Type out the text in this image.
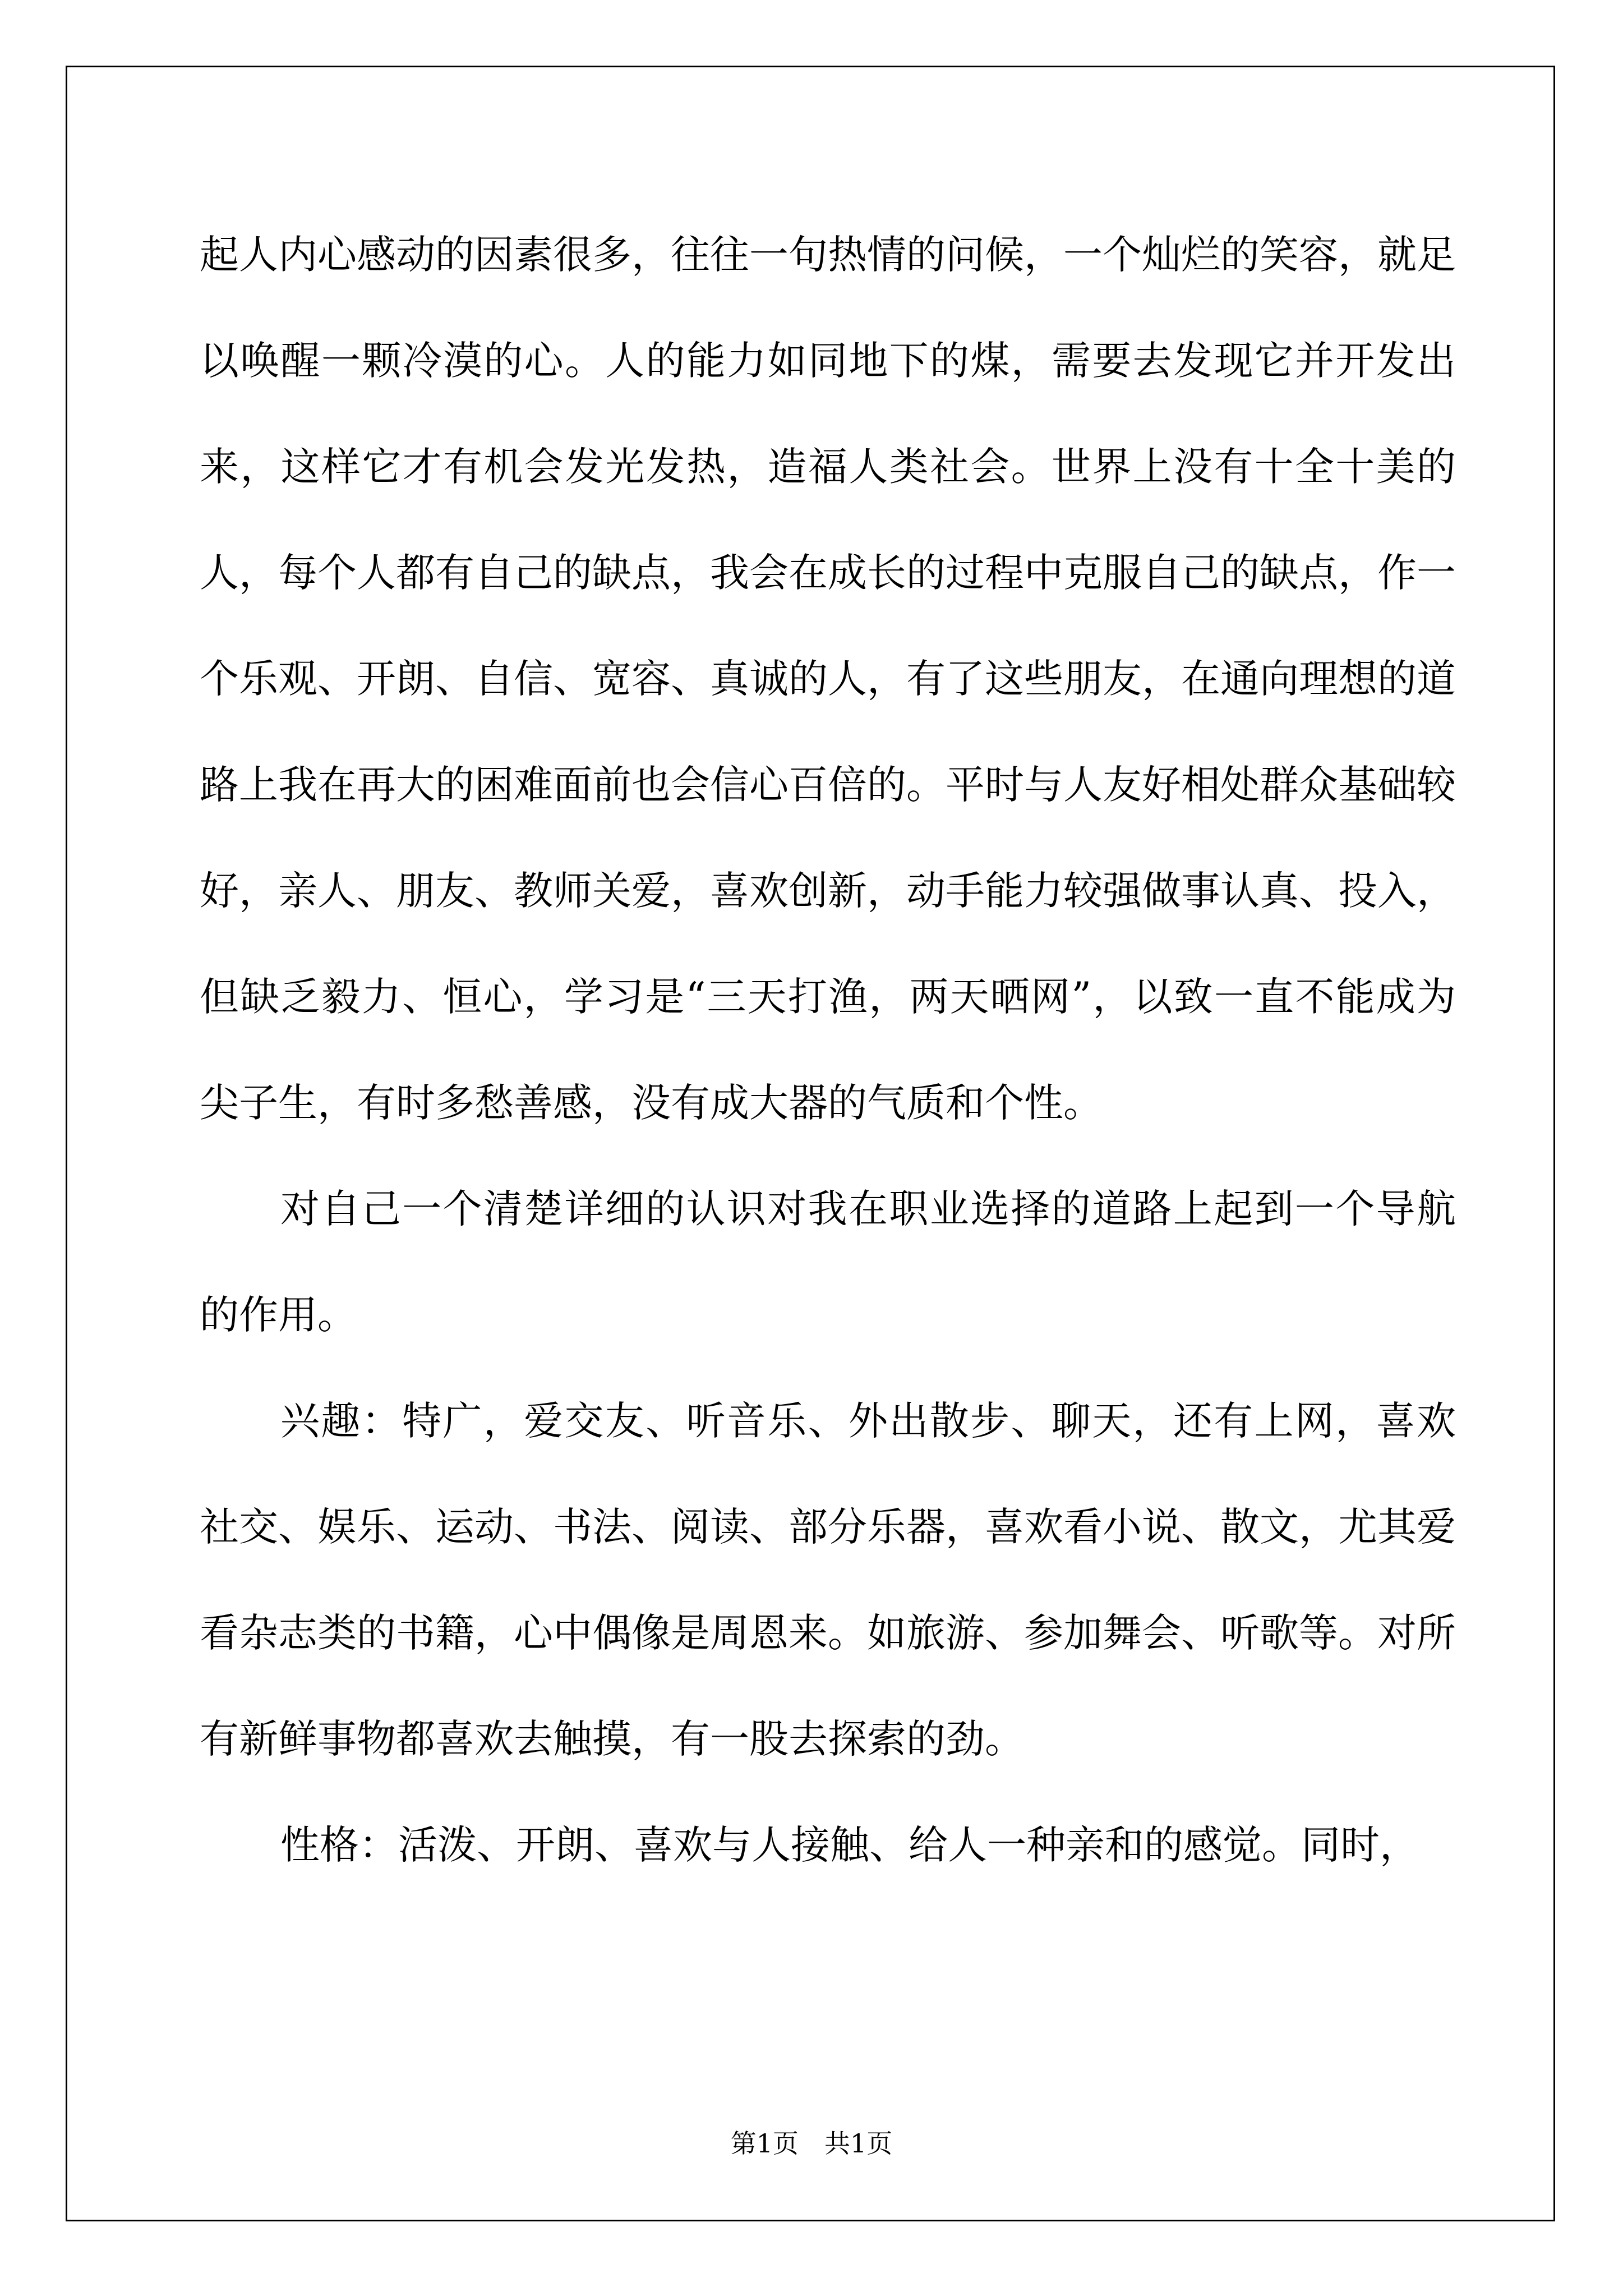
起人内心感动的因素很多，往往一句热情的问候，一个灿烂的笑容，就足以唤醒一颗冷漠的心。人的能力如同地下的煤，需要去发现它并开发出来，这样它才有机会发光发热，造福人类社会。世界上没有十全十美的人，每个人都有自己的缺点，我会在成长的过程中克服自己的缺点，作一个乐观、开朗、自信、宽容、真诚的人，有了这些朋友，在通向理想的道路上我在再大的困难面前也会信心百倍的。平时与人友好相处群众基础较好，亲人、朋友、教师关爱，喜欢创新，动手能力较强做事认真、投入，但缺乏毅力、恒心，学习是“三天打渔，两天晒网”，以致一直不能成为尖子生，有时多愁善感，没有成大器的气质和个性。

对自己一个清楚详细的认识对我在职业选择的道路上起到一个导航的作用。

兴趣：特广，爱交友、听音乐、外出散步、聊天，还有上网，喜欢社交、娱乐、运动、书法、阅读、部分乐器，喜欢看小说、散文，尤其爱看杂志类的书籍，心中偶像是周恩来。如旅游、参加舞会、听歌等。对所有新鲜事物都喜欢去触摸，有一股去探索的劲。

性格：活泼、开朗、喜欢与人接触、给人一种亲和的感觉。同时，

第1页　共1页
